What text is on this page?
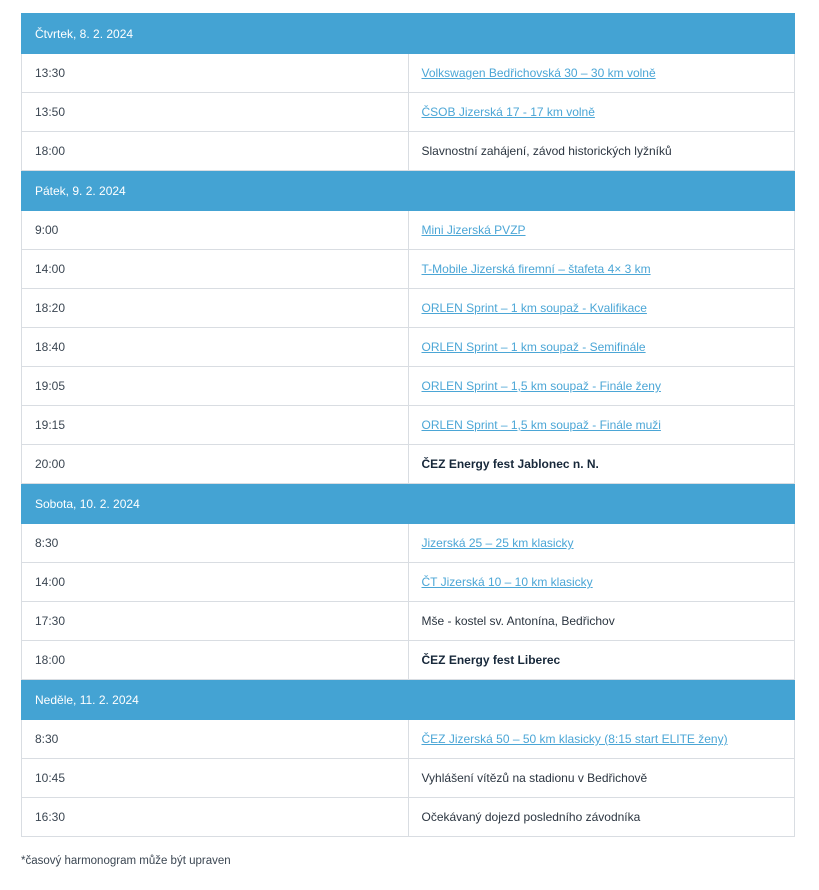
Čtvrtek, 8. 2. 2024	
13:30	Volkswagen Bedřichovská 30 – 30 km volně
13:50	ČSOB Jizerská 17 - 17 km volně
18:00	Slavnostní zahájení, závod historických lyžníků
Pátek, 9. 2. 2024	
9:00	Mini Jizerská PVZP
14:00	T-Mobile Jizerská firemní – štafeta 4× 3 km
18:20	ORLEN Sprint – 1 km soupaž - Kvalifikace
18:40	ORLEN Sprint – 1 km soupaž - Semifinále
19:05	ORLEN Sprint – 1,5 km soupaž - Finále ženy
19:15	ORLEN Sprint – 1,5 km soupaž - Finále muži
20:00	ČEZ Energy fest Jablonec n. N.
Sobota, 10. 2. 2024	
8:30	Jizerská 25 – 25 km klasicky
14:00	ČT Jizerská 10 – 10 km klasicky
17:30	Mše - kostel sv. Antonína, Bedřichov
18:00	ČEZ Energy fest Liberec
Neděle, 11. 2. 2024	
8:30	ČEZ Jizerská 50 – 50 km klasicky (8:15 start ELITE ženy)
10:45	Vyhlášení vítězů na stadionu v Bedřichově
16:30	Očekávaný dojezd posledního závodníka
*časový harmonogram může být upraven
